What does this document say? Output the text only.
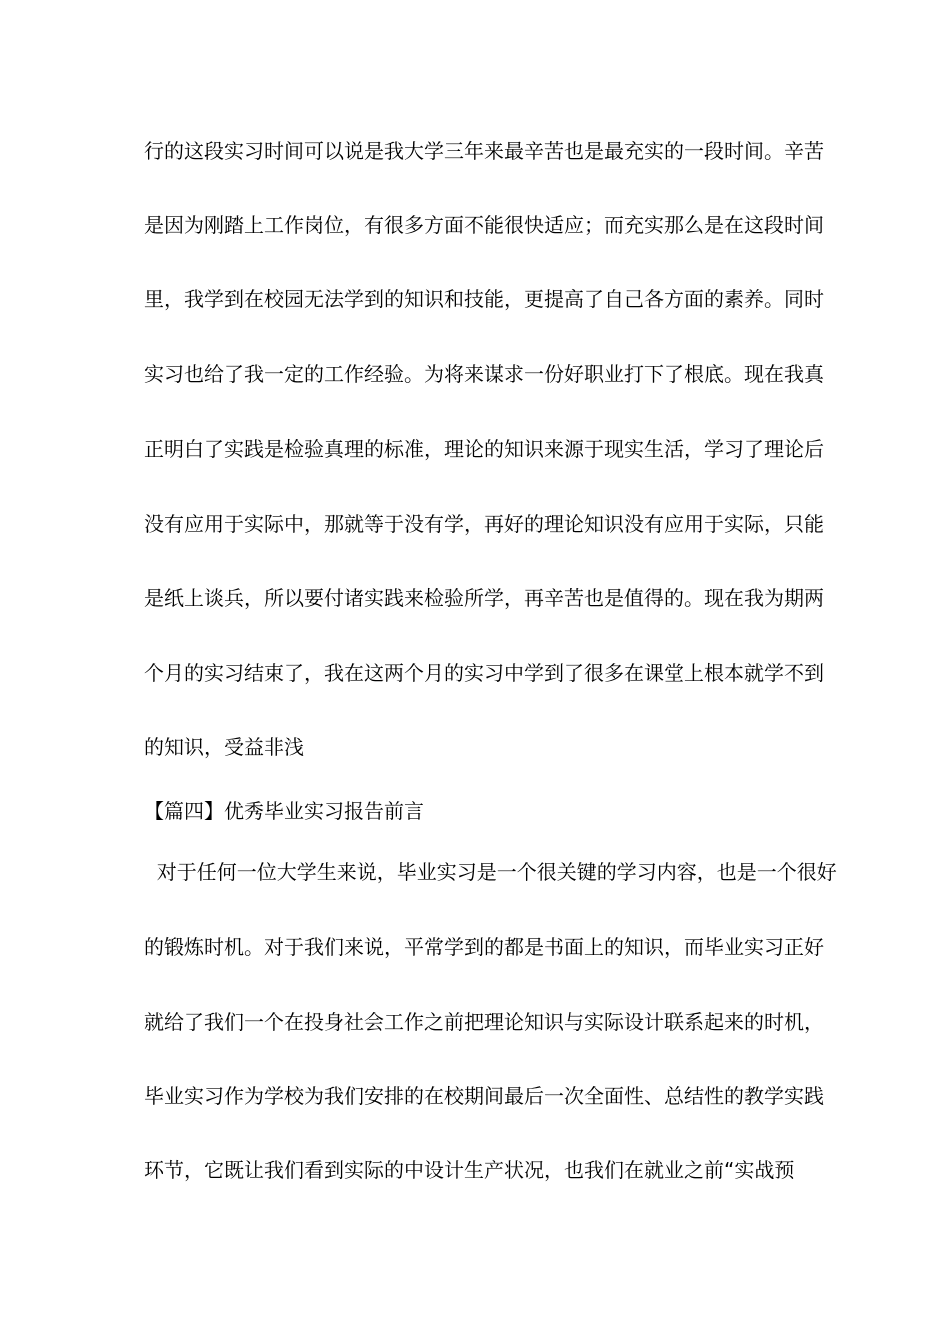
行的这段实习时间可以说是我大学三年来最辛苦也是最充实的一段时间。辛苦
是因为刚踏上工作岗位，有很多方面不能很快适应；而充实那么是在这段时间
里，我学到在校园无法学到的知识和技能，更提高了自己各方面的素养。同时
实习也给了我一定的工作经验。为将来谋求一份好职业打下了根底。现在我真
正明白了实践是检验真理的标准，理论的知识来源于现实生活，学习了理论后
没有应用于实际中，那就等于没有学，再好的理论知识没有应用于实际，只能
是纸上谈兵，所以要付诸实践来检验所学，再辛苦也是值得的。现在我为期两
个月的实习结束了，我在这两个月的实习中学到了很多在课堂上根本就学不到
的知识，受益非浅
【篇四】优秀毕业实习报告前言
对于任何一位大学生来说，毕业实习是一个很关键的学习内容，也是一个很好
的锻炼时机。对于我们来说，平常学到的都是书面上的知识，而毕业实习正好
就给了我们一个在投身社会工作之前把理论知识与实际设计联系起来的时机，
毕业实习作为学校为我们安排的在校期间最后一次全面性、总结性的教学实践
环节，它既让我们看到实际的中设计生产状况，也我们在就业之前“实战预
